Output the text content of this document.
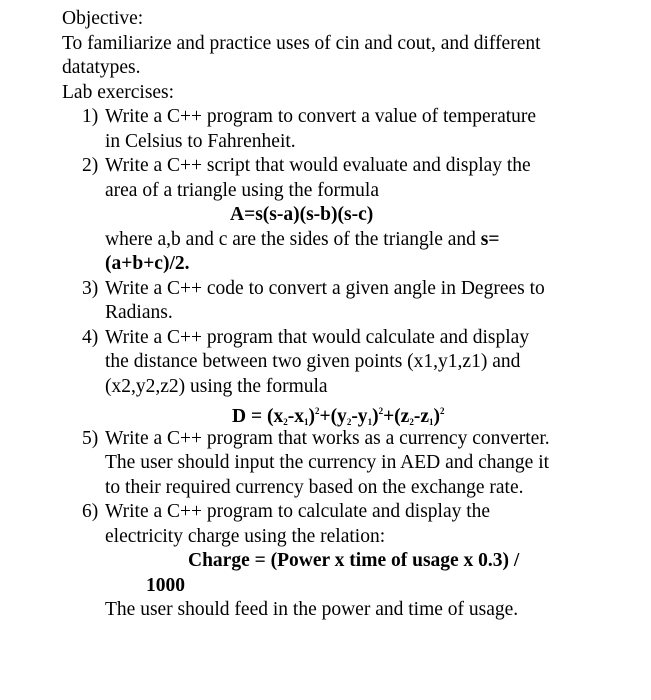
Objective:
To familiarize and practice uses of cin and cout, and different
datatypes.
Lab exercises:
1) Write a C++ program to convert a value of temperature
in Celsius to Fahrenheit.
2) Write a C++ script that would evaluate and display the
area of a triangle using the formula
A=s(s-a)(s-b)(s-c)
where a,b and c are the sides of the triangle and s=
(a+b+c)/2.
3) Write a C++ code to convert a given angle in Degrees to
Radians.
4) Write a C++ program that would calculate and display
the distance between two given points (x1,y1,z1) and
(x2,y2,z2) using the formula
$D = (x_2-x_1)^2+(y_2-y_1)^2+(z_2-z_1)^2$
5) Write a C++ program that works as a currency converter.
The user should input the currency in AED and change it
to their required currency based on the exchange rate.
6) Write a C++ program to calculate and display the
electricity charge using the relation:
Charge = (Power x time of usage x 0.3) /
1000
The user should feed in the power and time of usage.
